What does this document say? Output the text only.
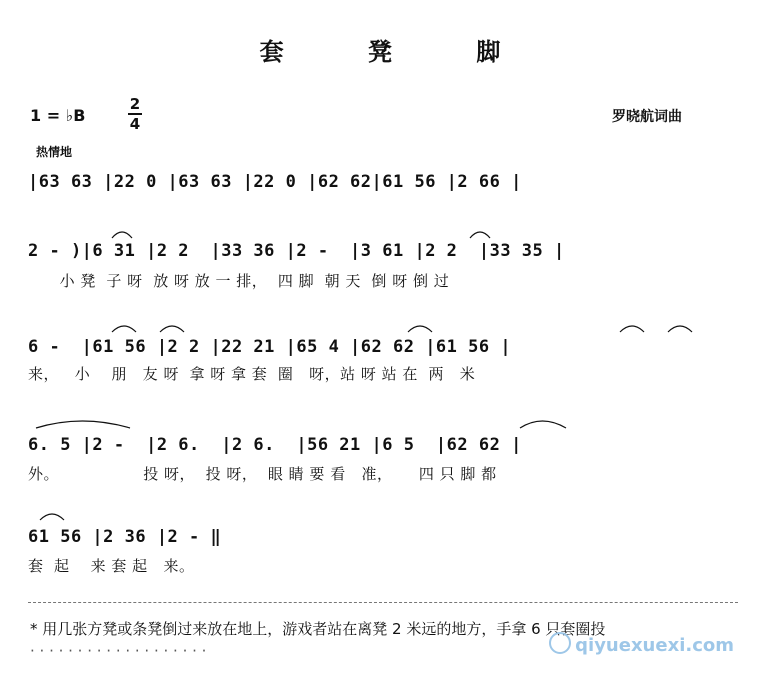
套 凳 脚
1 = ♭B
2
4	罗晓航词曲
热情地
|63 63 |22 0 |63 63 |22 0 |62 62|61 56 |2 66 |
2 - )|6 31 |2 2  |33 36 |2 -  |3 61 |2 2  |33 35 |
小 凳  子 呀  放 呀 放 一 排，  四 脚  朝 天  倒 呀 倒 过
6 -  |61 56 |2 2 |22 21 |65 4 |62 62 |61 56 |
来，   小    朋   友 呀  拿 呀 拿 套  圈   呀，站 呀 站 在  两   米
6. 5 |2 -  |2 6.  |2 6.  |56 21 |6 5  |62 62 |
外。                投 呀，  投 呀，  眼 睛 要 看   准，     四 只 脚 都
61 56 |2 36 |2 - ‖
套  起    来 套 起   来。
* 用几张方凳或条凳倒过来放在地上，游戏者站在离凳 2 米远的地方，手拿 6 只套圈投
· · · · · · · · · · · · · · · · · · ·	qiyuexuexi.com
